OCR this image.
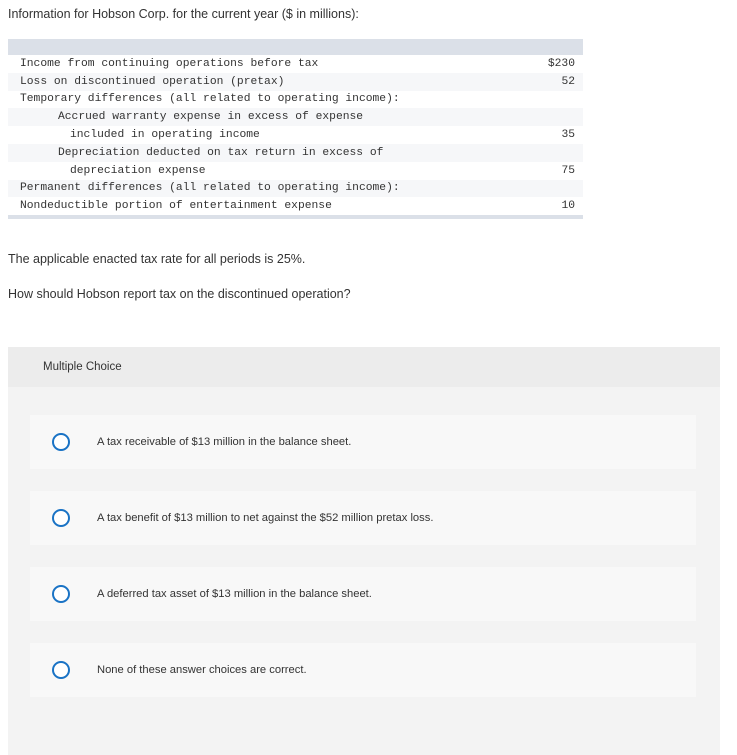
Information for Hobson Corp. for the current year ($ in millions):
Income from continuing operations before tax	$230
Loss on discontinued operation (pretax)	52
Temporary differences (all related to operating income):	
Accrued warranty expense in excess of expense	
included in operating income	35
Depreciation deducted on tax return in excess of	
depreciation expense	75
Permanent differences (all related to operating income):	
Nondeductible portion of entertainment expense	10
The applicable enacted tax rate for all periods is 25%.
How should Hobson report tax on the discontinued operation?
Multiple Choice
A tax receivable of $13 million in the balance sheet.
A tax benefit of $13 million to net against the $52 million pretax loss.
A deferred tax asset of $13 million in the balance sheet.
None of these answer choices are correct.
